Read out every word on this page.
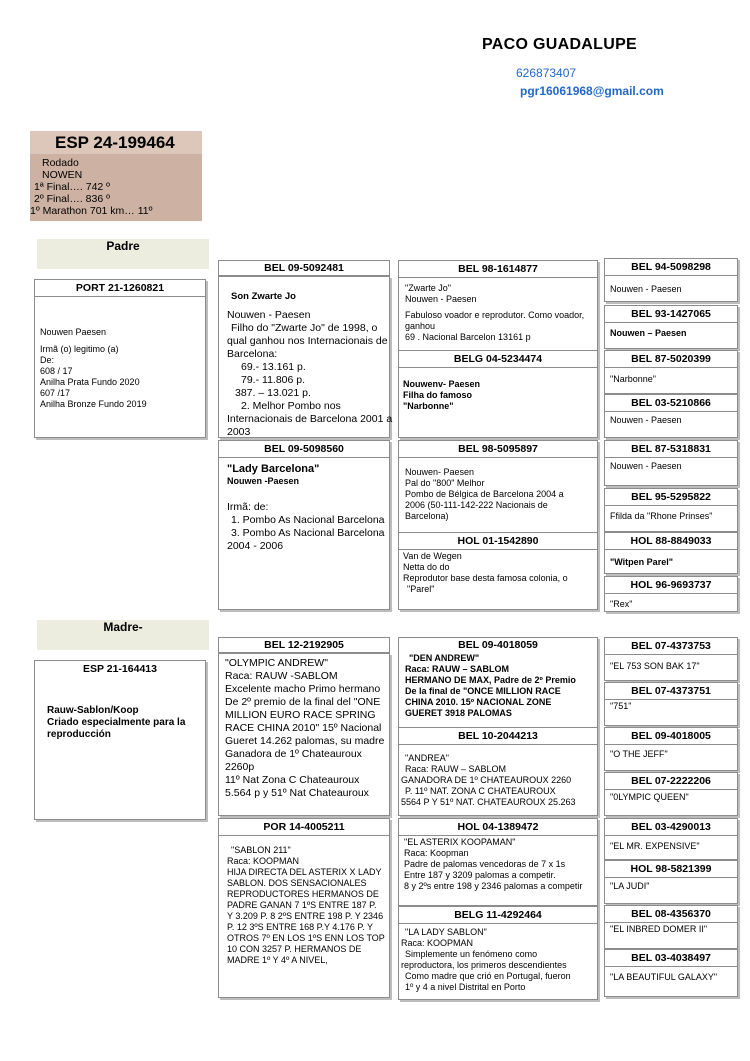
PACO GUADALUPE
626873407
pgr16061968@gmail.com
ESP 24-199464
Rodado
NOWEN
1ª Final…. 742 º
2º Final…. 836 º
1º Marathon 701 km… 11º
Padre
Madre-
PORT 21-1260821
Nouwen Paesen
Irmã (o) legitimo (a)
De:
608 / 17
Anilha Prata Fundo 2020
607 /17
Anilha Bronze Fundo 2019
BEL 09-5092481
Son Zwarte Jo
Nouwen - Paesen
Filho do "Zwarte Jo" de 1998, o
qual ganhou nos Internacionais de
Barcelona:
69.- 13.161 p.
79.- 11.806 p.
387. – 13.021 p.
2. Melhor Pombo nos
Internacionais de Barcelona 2001 a
2003
BEL 09-5098560
"Lady Barcelona"
Nouwen -Paesen
Irmã: de:
1. Pombo As Nacional Barcelona
3. Pombo As Nacional Barcelona
2004 - 2006
BEL 98-1614877
"Zwarte Jo"
Nouwen - Paesen
Fabuloso voador e reprodutor. Como voador,
ganhou
69 . Nacional Barcelon 13161 p
BELG 04-5234474
Nouwenv- Paesen
Filha do famoso
"Narbonne"
BEL 98-5095897
Nouwen- Paesen
Pal do "800" Melhor
Pombo de Bélgica de Barcelona 2004 a
2006 (50-111-142-222 Nacionais de
Barcelona)
HOL 01-1542890
Van de Wegen
Netta do do
Reprodutor base desta famosa colonia, o
"Parel"
BEL 94-5098298
Nouwen - Paesen
BEL 93-1427065
Nouwen – Paesen
BEL 87-5020399
"Narbonne"
BEL 03-5210866
Nouwen - Paesen
BEL 87-5318831
Nouwen - Paesen
BEL 95-5295822
Ffilda da "Rhone Prinses"
HOL 88-8849033
"Witpen Parel"
HOL 96-9693737
"Rex"
ESP 21-164413
Rauw-Sablon/Koop
Criado especialmente para la
reproducción
BEL 12-2192905
"OLYMPIC ANDREW"
Raca: RAUW -SABLOM
Excelente macho Primo hermano
De 2º premio de la final del "ONE
MILLION EURO RACE SPRING
RACE CHINA 2010" 15º Nacional
Gueret 14.262 palomas, su madre
Ganadora de 1º Chateauroux
2260p
11º Nat Zona C Chateauroux
5.564 p y 51º Nat Chateauroux
POR 14-4005211
"SABLON 211"
Raca: KOOPMAN
HIJA DIRECTA DEL ASTERIX X LADY
SABLON. DOS SENSACIONALES
REPRODUCTORES HERMANOS DE
PADRE GANAN 7 1ºS ENTRE 187 P.
Y 3.209 P. 8 2ºS ENTRE 198 P. Y 2346
P. 12 3ºS ENTRE 168 P.Y 4.176 P. Y
OTROS 7º EN LOS 1ºS ENN LOS TOP
10 CON 3257 P. HERMANOS DE
MADRE 1º Y 4º A NIVEL,
BEL 09-4018059
"DEN ANDREW"
Raca: RAUW – SABLOM
HERMANO DE MAX, Padre de 2º Premio
De la final de "ONCE MILLION RACE
CHINA 2010. 15º NACIONAL ZONE
GUERET 3918 PALOMAS
BEL 10-2044213
"ANDREA"
Raca: RAUW – SABLOM
GANADORA DE 1º CHATEAUROUX 2260
P. 11º NAT. ZONA C CHATEAUROUX
5564 P Y 51º NAT. CHATEAUROUX 25.263
HOL 04-1389472
"EL ASTERIX KOOPAMAN"
Raca: Koopman
Padre de palomas vencedoras de 7 x 1s
Entre 187 y 3209 palomas a competir.
8 y 2ºs entre 198 y 2346 palomas a competir
BELG 11-4292464
"LA LADY SABLON"
Raca: KOOPMAN
Simplemente un fenómeno como
reproductora, los primeros descendientes
Como madre que crió en Portugal, fueron
1º y 4 a nivel Distrital en Porto
BEL 07-4373753
"EL 753 SON BAK 17"
BEL 07-4373751
"751"
BEL 09-4018005
"O THE JEFF"
BEL 07-2222206
"0LYMPIC QUEEN"
BEL 03-4290013
"EL MR. EXPENSIVE"
HOL 98-5821399
"LA JUDI"
BEL 08-4356370
"EL INBRED DOMER II"
BEL 03-4038497
"LA BEAUTIFUL GALAXY"
